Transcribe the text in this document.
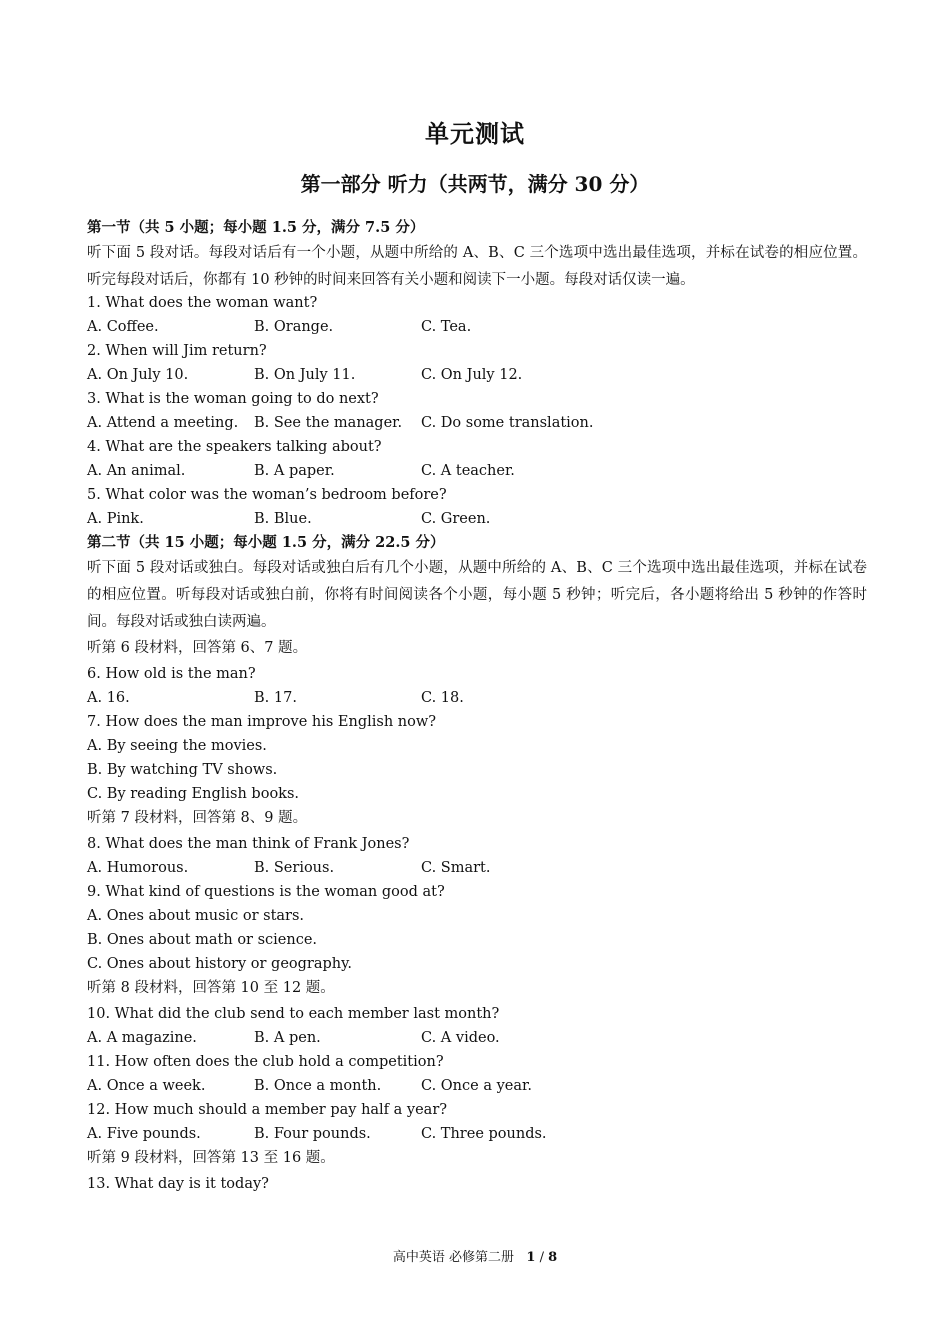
单元测试
第一部分 听力（共两节，满分 30 分）
第一节（共 5 小题；每小题 1.5 分，满分 7.5 分）
听下面 5 段对话。每段对话后有一个小题，从题中所给的 A、B、C 三个选项中选出最佳选项，并标在试卷的相应位置。听完每段对话后，你都有 10 秒钟的时间来回答有关小题和阅读下一小题。每段对话仅读一遍。
1. What does the woman want?
A. Coffee.	B. Orange.	C. Tea.
2. When will Jim return?
A. On July 10.	B. On July 11.	C. On July 12.
3. What is the woman going to do next?
A. Attend a meeting.	B. See the manager.	C. Do some translation.
4. What are the speakers talking about?
A. An animal.	B. A paper.	C. A teacher.
5. What color was the woman’s bedroom before?
A. Pink.	B. Blue.	C. Green.
第二节（共 15 小题；每小题 1.5 分，满分 22.5 分）
听下面 5 段对话或独白。每段对话或独白后有几个小题，从题中所给的 A、B、C 三个选项中选出最佳选项，并标在试卷的相应位置。听每段对话或独白前，你将有时间阅读各个小题，每小题 5 秒钟；听完后，各小题将给出 5 秒钟的作答时间。每段对话或独白读两遍。
听第 6 段材料，回答第 6、7 题。
6. How old is the man?
A. 16.	B. 17.	C. 18.
7. How does the man improve his English now?
A. By seeing the movies.
B. By watching TV shows.
C. By reading English books.
听第 7 段材料，回答第 8、9 题。
8. What does the man think of Frank Jones?
A. Humorous.	B. Serious.	C. Smart.
9. What kind of questions is the woman good at?
A. Ones about music or stars.
B. Ones about math or science.
C. Ones about history or geography.
听第 8 段材料，回答第 10 至 12 题。
10. What did the club send to each member last month?
A. A magazine.	B. A pen.	C. A video.
11. How often does the club hold a competition?
A. Once a week.	B. Once a month.	C. Once a year.
12. How much should a member pay half a year?
A. Five pounds.	B. Four pounds.	C. Three pounds.
听第 9 段材料，回答第 13 至 16 题。
13. What day is it today?
高中英语 必修第二册 1 / 8
